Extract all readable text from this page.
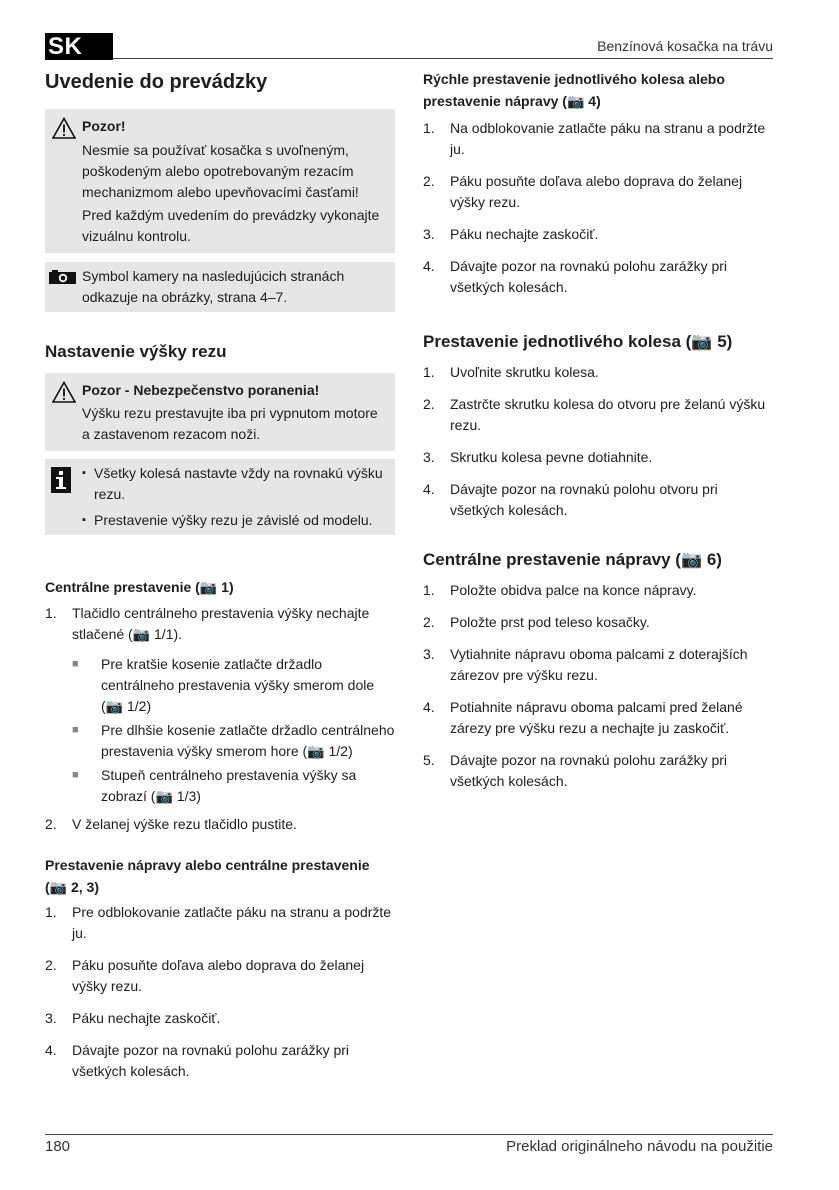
SK	Benzínová kosačka na trávu
Uvedenie do prevádzky
Pozor!
Nesmie sa používať kosačka s uvoľneným, poškodeným alebo opotrebovaným rezacím mechanizmom alebo upevňovacími časťami!
Pred každým uvedením do prevádzky vykonajte vizuálnu kontrolu.
Symbol kamery na nasledujúcich stranách odkazuje na obrázky, strana 4–7.
Nastavenie výšky rezu
Pozor - Nebezpečenstvo poranenia!
Výšku rezu prestavujte iba pri vypnutom motore a zastavenom rezacom noži.
▪ Všetky kolesá nastavte vždy na rovnakú výšku rezu.
▪ Prestavenie výšky rezu je závislé od modelu.
Centrálne prestavenie (📷 1)
1.	Tlačidlo centrálneho prestavenia výšky nechajte stlačené (📷 1/1).
■	Pre kratšie kosenie zatlačte držadlo centrálneho prestavenia výšky smerom dole (📷 1/2)
■	Pre dlhšie kosenie zatlačte držadlo centrálneho prestavenia výšky smerom hore (📷 1/2)
■	Stupeň centrálneho prestavenia výšky sa zobrazí (📷 1/3)
2.	V želanej výške rezu tlačidlo pustite.
Prestavenie nápravy alebo centrálne prestavenie (📷 2, 3)
1.	Pre odblokovanie zatlačte páku na stranu a podržte ju.
2.	Páku posuňte doľava alebo doprava do želanej výšky rezu.
3.	Páku nechajte zaskočiť.
4.	Dávajte pozor na rovnakú polohu zarážky pri všetkých kolesách.
Rýchle prestavenie jednotlivého kolesa alebo prestavenie nápravy (📷 4)
1.	Na odblokovanie zatlačte páku na stranu a podržte ju.
2.	Páku posuňte doľava alebo doprava do želanej výšky rezu.
3.	Páku nechajte zaskočiť.
4.	Dávajte pozor na rovnakú polohu zarážky pri všetkých kolesách.
Prestavenie jednotlivého kolesa (📷 5)
1.	Uvoľnite skrutku kolesa.
2.	Zastrčte skrutku kolesa do otvoru pre želanú výšku rezu.
3.	Skrutku kolesa pevne dotiahnite.
4.	Dávajte pozor na rovnakú polohu otvoru pri všetkých kolesách.
Centrálne prestavenie nápravy (📷 6)
1.	Položte obidva palce na konce nápravy.
2.	Položte prst pod teleso kosačky.
3.	Vytiahnite nápravu oboma palcami z doterajších zárezov pre výšku rezu.
4.	Potiahnite nápravu oboma palcami pred želané zárezy pre výšku rezu a nechajte ju zaskočiť.
5.	Dávajte pozor na rovnakú polohu zarážky pri všetkých kolesách.
180	Preklad originálneho návodu na použitie
